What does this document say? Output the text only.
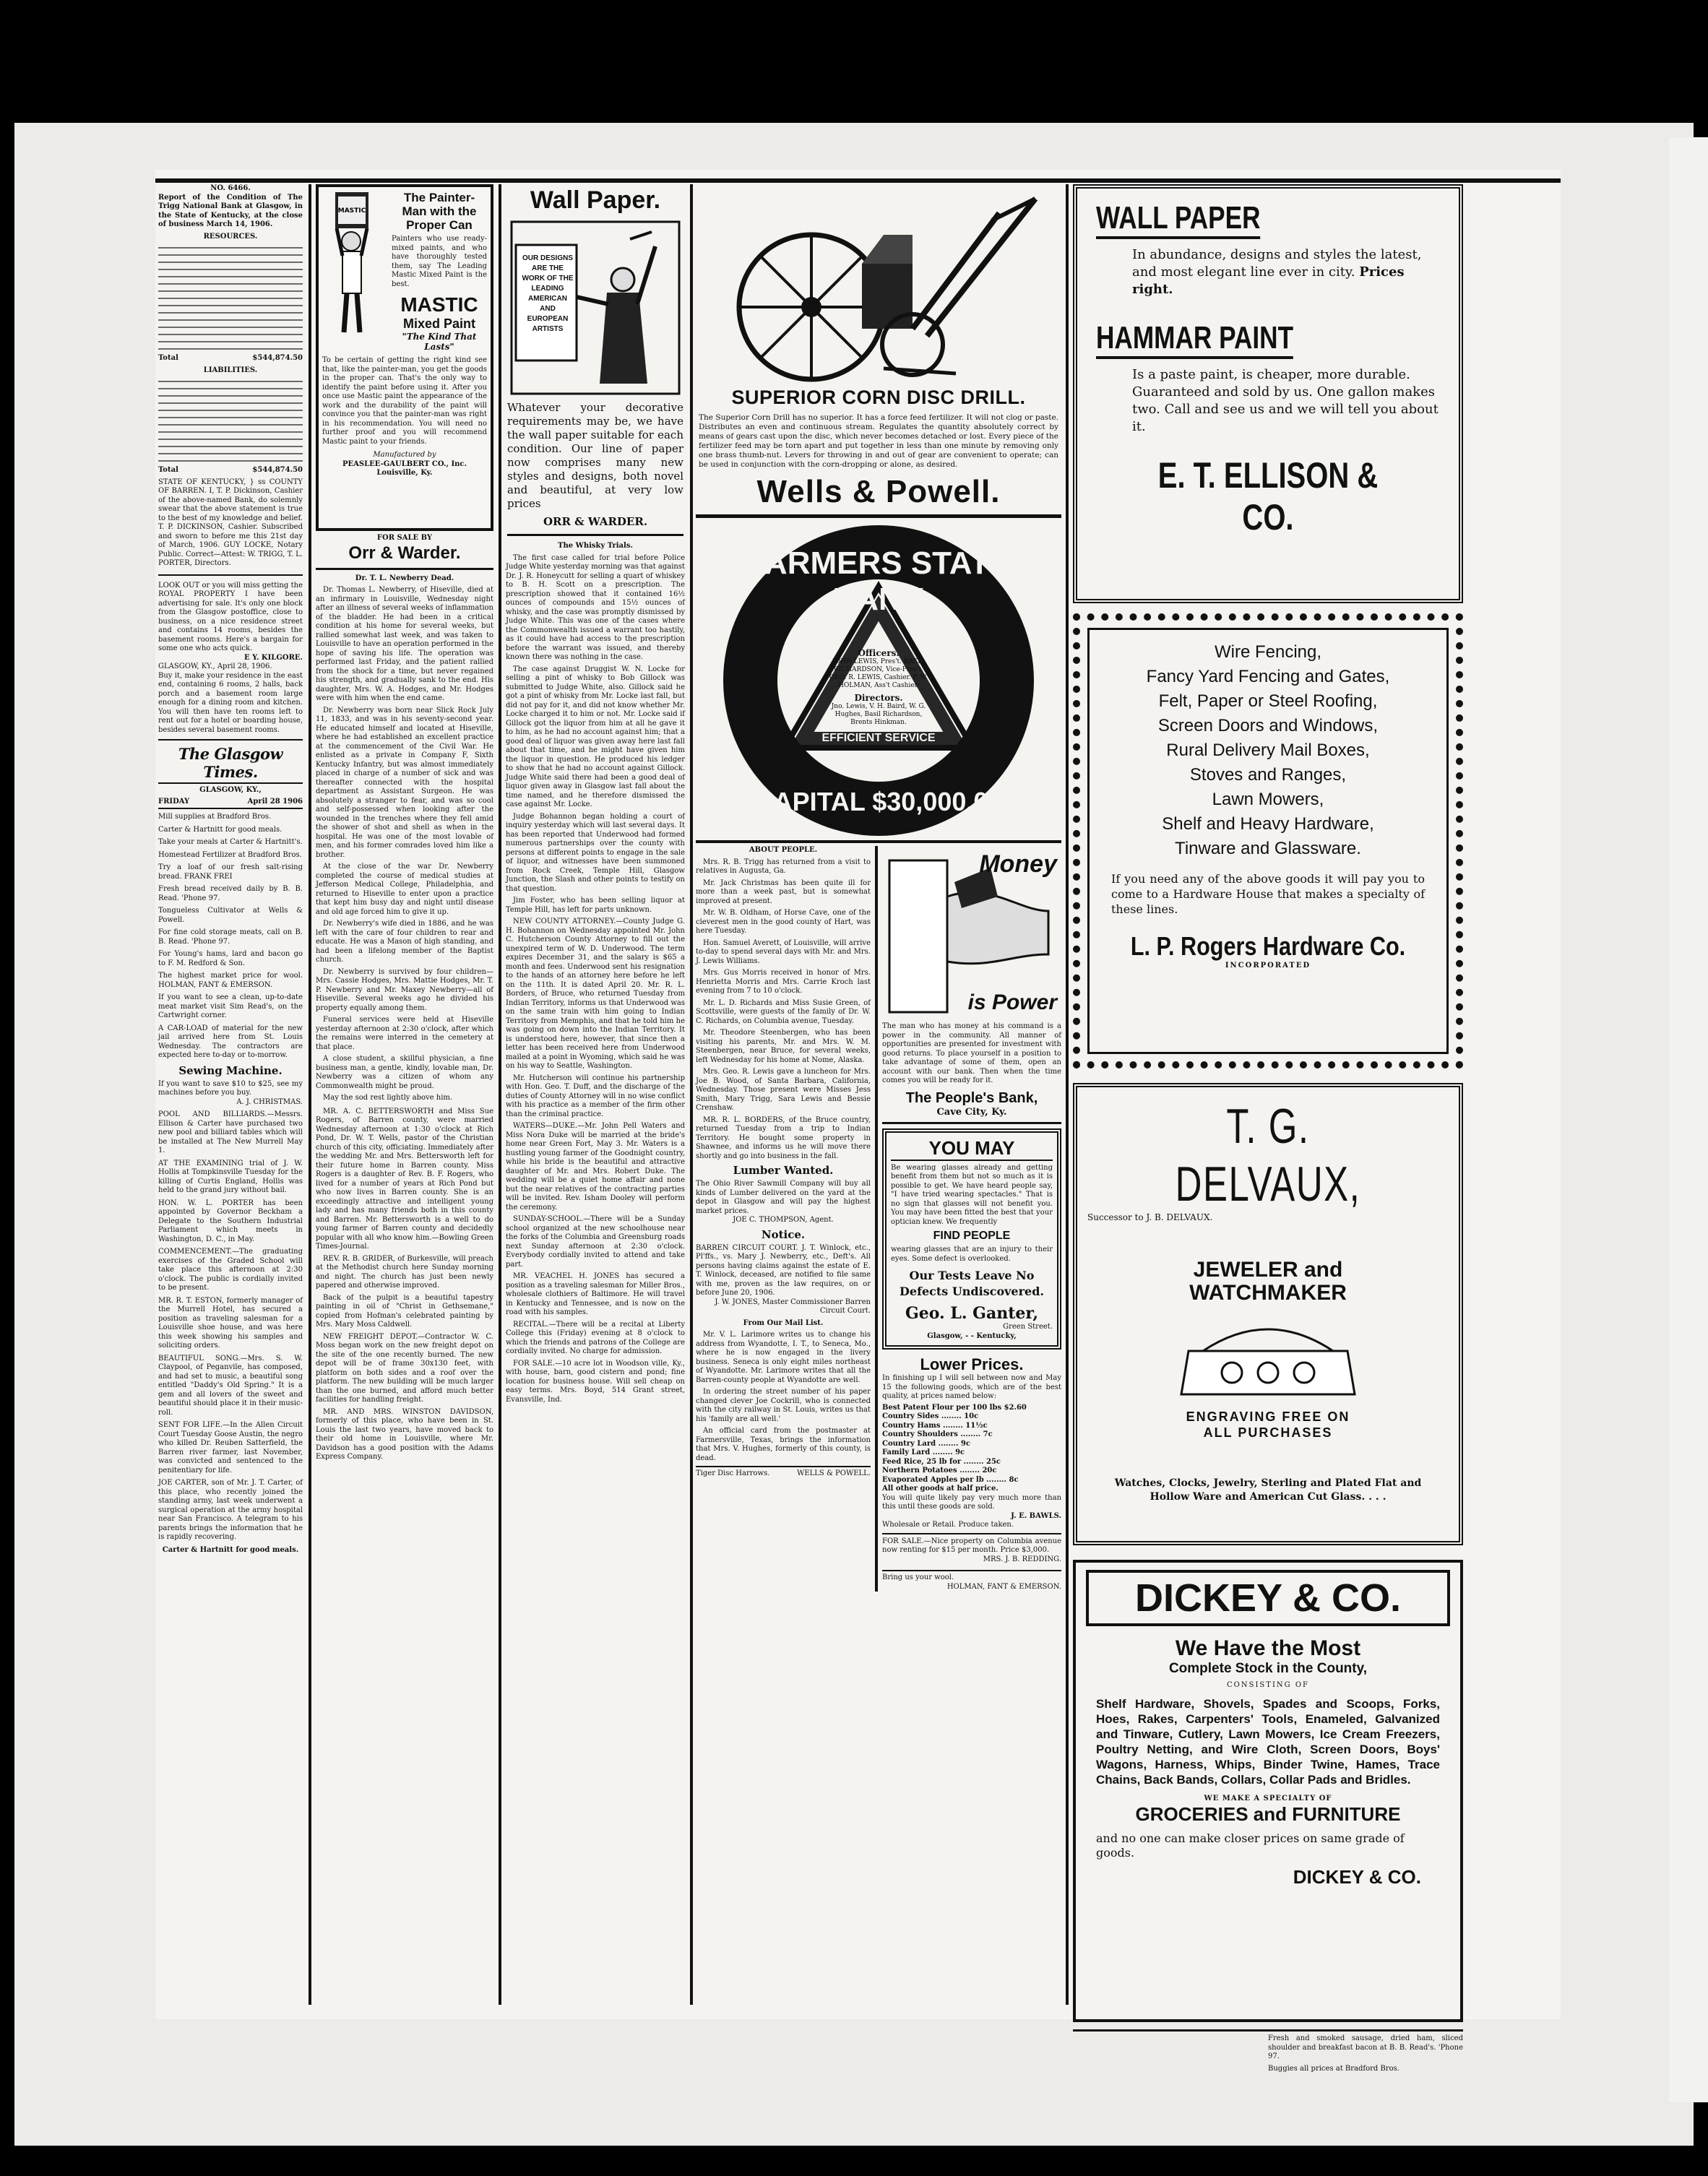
NO. 6466.
Report of the Condition of The Trigg National Bank at Glasgow, in the State of Kentucky, at the close of business March 14, 1906.
RESOURCES.
Total	$544,874.50
LIABILITIES.
Total	$544,874.50
STATE OF KENTUCKY, } ss COUNTY OF BARREN. I, T. P. Dickinson, Cashier of the above-named Bank, do solemnly swear that the above statement is true to the best of my knowledge and belief. T. P. DICKINSON, Cashier. Subscribed and sworn to before me this 21st day of March, 1906. GUY LOCKE, Notary Public. Correct—Attest: W. TRIGG, T. L. PORTER, Directors.
LOOK OUT or you will miss getting the ROYAL PROPERTY I have been advertising for sale. It's only one block from the Glasgow postoffice, close to business, on a nice residence street and contains 14 rooms, besides the basement rooms. Here's a bargain for some one who acts quick.
E Y. KILGORE.
GLASGOW, KY., April 28, 1906.
Buy it, make your residence in the east end, containing 6 rooms, 2 halls, back porch and a basement room large enough for a dining room and kitchen. You will then have ten rooms left to rent out for a hotel or boarding house, besides several basement rooms.
The Glasgow Times.
GLASGOW, KY.,
FRIDAY	April 28 1906
Mill supplies at Bradford Bros.
Carter & Hartnitt for good meals.
Take your meals at Carter & Hartnitt's.
Homestead Fertilizer at Bradford Bros.
Try a loaf of our fresh salt-rising bread. FRANK FREI
Fresh bread received daily by B. B. Read. 'Phone 97.
Tongueless Cultivator at Wells & Powell.
For fine cold storage meats, call on B. B. Read. 'Phone 97.
For Young's hams, lard and bacon go to F. M. Redford & Son.
The highest market price for wool. HOLMAN, FANT & EMERSON.
If you want to see a clean, up-to-date meat market visit Sim Read's, on the Cartwright corner.
A CAR-LOAD of material for the new jail arrived here from St. Louis Wednesday. The contractors are expected here to-day or to-morrow.
Sewing Machine.
If you want to save $10 to $25, see my machines before you buy.
A. J. CHRISTMAS.
POOL AND BILLIARDS.—Messrs. Ellison & Carter have purchased two new pool and billiard tables which will be installed at The New Murrell May 1.
AT THE EXAMINING trial of J. W. Hollis at Tompkinsville Tuesday for the killing of Curtis England, Hollis was held to the grand jury without bail.
HON. W. L. PORTER has been appointed by Governor Beckham a Delegate to the Southern Industrial Parliament which meets in Washington, D. C., in May.
COMMENCEMENT.—The graduating exercises of the Graded School will take place this afternoon at 2:30 o'clock. The public is cordially invited to be present.
MR. R. T. ESTON, formerly manager of the Murrell Hotel, has secured a position as traveling salesman for a Louisville shoe house, and was here this week showing his samples and soliciting orders.
BEAUTIFUL SONG.—Mrs. S. W. Claypool, of Peganvile, has composed, and had set to music, a beautiful song entitled "Daddy's Old Spring." It is a gem and all lovers of the sweet and beautiful should place it in their music-roll.
SENT FOR LIFE.—In the Allen Circuit Court Tuesday Goose Austin, the negro who killed Dr. Reuben Satterfield, the Barren river farmer, last November, was convicted and sentenced to the penitentiary for life.
JOE CARTER, son of Mr. J. T. Carter, of this place, who recently joined the standing army, last week underwent a surgical operation at the army hospital near San Francisco. A telegram to his parents brings the information that he is rapidly recovering.
Carter & Hartnitt for good meals.
MASTIC
The Painter-Man with the Proper Can
Painters who use ready-mixed paints, and who have thoroughly tested them, say The Leading Mastic Mixed Paint is the best.
MASTIC
Mixed Paint
"The Kind That Lasts"
To be certain of getting the right kind see that, like the painter-man, you get the goods in the proper can. That's the only way to identify the paint before using it. After you once use Mastic paint the appearance of the work and the durability of the paint will convince you that the painter-man was right in his recommendation. You will need no further proof and you will recommend Mastic paint to your friends.
Manufactured by
PEASLEE-GAULBERT CO., Inc.
Louisville, Ky.
FOR SALE BY
Orr & Warder.
Dr. T. L. Newberry Dead.
Dr. Thomas L. Newberry, of Hiseville, died at an infirmary in Louisville, Wednesday night after an illness of several weeks of inflammation of the bladder. He had been in a critical condition at his home for several weeks, but rallied somewhat last week, and was taken to Louisville to have an operation performed in the hope of saving his life. The operation was performed last Friday, and the patient rallied from the shock for a time, but never regained his strength, and gradually sank to the end. His daughter, Mrs. W. A. Hodges, and Mr. Hodges were with him when the end came.
Dr. Newberry was born near Slick Rock July 11, 1833, and was in his seventy-second year. He educated himself and located at Hiseville, where he had established an excellent practice at the commencement of the Civil War. He enlisted as a private in Company F, Sixth Kentucky Infantry, but was almost immediately placed in charge of a number of sick and was thereafter connected with the hospital department as Assistant Surgeon. He was absolutely a stranger to fear, and was so cool and self-possessed when looking after the wounded in the trenches where they fell amid the shower of shot and shell as when in the hospital. He was one of the most lovable of men, and his former comrades loved him like a brother.
At the close of the war Dr. Newberry completed the course of medical studies at Jefferson Medical College, Philadelphia, and returned to Hiseville to enter upon a practice that kept him busy day and night until disease and old age forced him to give it up.
Dr. Newberry's wife died in 1886, and he was left with the care of four children to rear and educate. He was a Mason of high standing, and had been a lifelong member of the Baptist church.
Dr. Newberry is survived by four children—Mrs. Cassie Hodges, Mrs. Mattie Hodges, Mr. T. P. Newberry and Mr. Maxey Newberry—all of Hiseville. Several weeks ago he divided his property equally among them.
Funeral services were held at Hiseville yesterday afternoon at 2:30 o'clock, after which the remains were interred in the cemetery at that place.
A close student, a skillful physician, a fine business man, a gentle, kindly, lovable man, Dr. Newberry was a citizen of whom any Commonwealth might be proud.
May the sod rest lightly above him.
MR. A. C. BETTERSWORTH and Miss Sue Rogers, of Barren county, were married Wednesday afternoon at 1:30 o'clock at Rich Pond, Dr. W. T. Wells, pastor of the Christian church of this city, officiating. Immediately after the wedding Mr. and Mrs. Bettersworth left for their future home in Barren county. Miss Rogers is a daughter of Rev. B. F. Rogers, who lived for a number of years at Rich Pond but who now lives in Barren county. She is an exceedingly attractive and intelligent young lady and has many friends both in this county and Barren. Mr. Bettersworth is a well to do young farmer of Barren county and decidedly popular with all who know him.—Bowling Green Times-Journal.
REV. R. B. GRIDER, of Burkesville, will preach at the Methodist church here Sunday morning and night. The church has just been newly papered and otherwise improved.
Back of the pulpit is a beautiful tapestry painting in oil of "Christ in Gethsemane," copied from Hofman's celebrated painting by Mrs. Mary Moss Caldwell.
NEW FREIGHT DEPOT.—Contractor W. C. Moss began work on the new freight depot on the site of the one recently burned. The new depot will be of frame 30x130 feet, with platform on both sides and a roof over the platform. The new building will be much larger than the one burned, and afford much better facilities for handling freight.
MR. AND MRS. WINSTON DAVIDSON, formerly of this place, who have been in St. Louis the last two years, have moved back to their old home in Louisville, where Mr. Davidson has a good position with the Adams Express Company.
Wall Paper.
OUR DESIGNS ARE THE WORK OF THE LEADING AMERICAN AND EUROPEAN ARTISTS
Whatever your decorative requirements may be, we have the wall paper suitable for each condition. Our line of paper now comprises many new styles and designs, both novel and beautiful, at very low prices
ORR & WARDER.
The Whisky Trials.
The first case called for trial before Police Judge White yesterday morning was that against Dr. J. R. Honeycutt for selling a quart of whiskey to B. H. Scott on a prescription. The prescription showed that it contained 16½ ounces of compounds and 15½ ounces of whisky, and the case was promptly dismissed by Judge White. This was one of the cases where the Commonwealth issued a warrant too hastily, as it could have had access to the prescription before the warrant was issued, and thereby known there was nothing in the case.
The case against Druggist W. N. Locke for selling a pint of whisky to Bob Gillock was submitted to Judge White, also. Gillock said he got a pint of whisky from Mr. Locke last fall, but did not pay for it, and did not know whether Mr. Locke charged it to him or not. Mr. Locke said if Gillock got the liquor from him at all he gave it to him, as he had no account against him; that a good deal of liquor was given away here last fall about that time, and he might have given him the liquor in question. He produced his ledger to show that he had no account against Gillock. Judge White said there had been a good deal of liquor given away in Glasgow last fall about the time named, and he therefore dismissed the case against Mr. Locke.
Judge Bohannon began holding a court of inquiry yesterday which will last several days. It has been reported that Underwood had formed numerous partnerships over the county with persons at different points to engage in the sale of liquor, and witnesses have been summoned from Rock Creek, Temple Hill, Glasgow Junction, the Slash and other points to testify on that question.
Jim Foster, who has been selling liquor at Temple Hill, has left for parts unknown.
NEW COUNTY ATTORNEY.—County Judge G. H. Bohannon on Wednesday appointed Mr. John C. Hutcherson County Attorney to fill out the unexpired term of W. D. Underwood. The term expires December 31, and the salary is $65 a month and fees. Underwood sent his resignation to the hands of an attorney here before he left on the 11th. It is dated April 20. Mr. R. L. Borders, of Bruce, who returned Tuesday from Indian Territory, informs us that Underwood was on the same train with him going to Indian Territory from Memphis, and that he told him he was going on down into the Indian Territory. It is understood here, however, that since then a letter has been received here from Underwood mailed at a point in Wyoming, which said he was on his way to Seattle, Washington.
Mr. Hutcherson will continue his partnership with Hon. Geo. T. Duff, and the discharge of the duties of County Attorney will in no wise conflict with his practice as a member of the firm other than the criminal practice.
WATERS—DUKE.—Mr. John Pell Waters and Miss Nora Duke will be married at the bride's home near Green Fort, May 3. Mr. Waters is a hustling young farmer of the Goodnight country, while his bride is the beautiful and attractive daughter of Mr. and Mrs. Robert Duke. The wedding will be a quiet home affair and none but the near relatives of the contracting parties will be invited. Rev. Isham Dooley will perform the ceremony.
SUNDAY-SCHOOL.—There will be a Sunday school organized at the new schoolhouse near the forks of the Columbia and Greensburg roads next Sunday afternoon at 2:30 o'clock. Everybody cordially invited to attend and take part.
MR. VEACHEL H. JONES has secured a position as a traveling salesman for Miller Bros., wholesale clothiers of Baltimore. He will travel in Kentucky and Tennessee, and is now on the road with his samples.
RECITAL.—There will be a recital at Liberty College this (Friday) evening at 8 o'clock to which the friends and patrons of the College are cordially invited. No charge for admission.
FOR SALE.—10 acre lot in Woodson ville, Ky., with house, barn, good cistern and pond; fine location for business house. Will sell cheap on easy terms. Mrs. Boyd, 514 Grant street, Evansville, Ind.
SUPERIOR CORN DISC DRILL.
The Superior Corn Drill has no superior. It has a force feed fertilizer. It will not clog or paste. Distributes an even and continuous stream. Regulates the quantity absolutely correct by means of gears cast upon the disc, which never becomes detached or lost. Every piece of the fertilizer feed may be torn apart and put together in less than one minute by removing only one brass thumb-nut. Levers for throwing in and out of gear are convenient to operate; can be used in conjunction with the corn-dropping or alone, as desired.
Wells & Powell.
FARMERS STATE BANK
CAPITAL $30,000.00
SECURITY	RESPONSIBILITY
EFFICIENT SERVICE
Officers.
JOHN LEWIS, Pres't. BASIL RICHARDSON, Vice-Pres't. GEO. R. LEWIS, Cashier. P. W. HOLMAN, Ass't Cashier.
Directors.
Jno. Lewis, V. H. Baird, W. G. Hughes, Basil Richardson, Brents Hinkman.
ABOUT PEOPLE.
Mrs. R. B. Trigg has returned from a visit to relatives in Augusta, Ga.
Mr. Jack Christmas has been quite ill for more than a week past, but is somewhat improved at present.
Mr. W. B. Oldham, of Horse Cave, one of the cleverest men in the good county of Hart, was here Tuesday.
Hon. Samuel Averett, of Louisville, will arrive to-day to spend several days with Mr. and Mrs. J. Lewis Williams.
Mrs. Gus Morris received in honor of Mrs. Henrietta Morris and Mrs. Carrie Kroch last evening from 7 to 10 o'clock.
Mr. L. D. Richards and Miss Susie Green, of Scottsville, were guests of the family of Dr. W. C. Richards, on Columbia avenue, Tuesday.
Mr. Theodore Steenbergen, who has been visiting his parents, Mr. and Mrs. W. M. Steenbergen, near Bruce, for several weeks, left Wednesday for his home at Nome, Alaska.
Mrs. Geo. R. Lewis gave a luncheon for Mrs. Joe B. Wood, of Santa Barbara, California, Wednesday. Those present were Misses Jess Smith, Mary Trigg, Sara Lewis and Bessie Crenshaw.
MR. R. L. BORDERS, of the Bruce country, returned Tuesday from a trip to Indian Territory. He bought some property in Shawnee, and informs us he will move there shortly and go into business in the fall.
Lumber Wanted.
The Ohio River Sawmill Company will buy all kinds of Lumber delivered on the yard at the depot in Glasgow and will pay the highest market prices.
JOE C. THOMPSON, Agent.
Notice.
BARREN CIRCUIT COURT. J. T. Winlock, etc., Pl'ffs., vs. Mary J. Newberry, etc., Deft's. All persons having claims against the estate of E. T. Winlock, deceased, are notified to file same with me, proven as the law requires, on or before June 20, 1906.
J. W. JONES, Master Commissioner Barren Circuit Court.
From Our Mail List.
Mr. V. L. Larimore writes us to change his address from Wyandotte, I. T., to Seneca, Mo., where he is now engaged in the livery business. Seneca is only eight miles northeast of Wyandotte. Mr. Larimore writes that all the Barren-county people at Wyandotte are well.
In ordering the street number of his paper changed clever Joe Cockrill, who is connected with the city railway in St. Louis, writes us that his 'family are all well.'
An official card from the postmaster at Farmersville, Texas, brings the information that Mrs. V. Hughes, formerly of this county, is dead.
Tiger Disc Harrows.	WELLS & POWELL.
Money
is Power
The man who has money at his command is a power in the community. All manner of opportunities are presented for investment with good returns. To place yourself in a position to take advantage of some of them, open an account with our bank. Then when the time comes you will be ready for it.
The People's Bank,
Cave City, Ky.
YOU MAY
Be wearing glasses already and getting benefit from them but not so much as it is possible to get. We have heard people say, "I have tried wearing spectacles." That is no sign that glasses will not benefit you. You may have been fitted the best that your optician knew. We frequently
FIND PEOPLE
wearing glasses that are an injury to their eyes. Some defect is overlooked.
Our Tests Leave No Defects Undiscovered.
Geo. L. Ganter,
Green Street.
Glasgow, - - Kentucky,
Lower Prices.
In finishing up I will sell between now and May 15 the following goods, which are of the best quality, at prices named below:
Best Patent Flour per 100 lbs $2.60
Country Sides ........ 10c
Country Hams ........ 11½c
Country Shoulders ........ 7c
Country Lard ........ 9c
Family Lard ........ 9c
Feed Rice, 25 lb for ........ 25c
Northern Potatoes ........ 20c
Evaporated Apples per lb ........ 8c
All other goods at half price.
You will quite likely pay very much more than this until these goods are sold.
J. E. BAWLS.
Wholesale or Retail. Produce taken.
FOR SALE.—Nice property on Columbia avenue now renting for $15 per month. Price $3,000.
MRS. J. B. REDDING.
Bring us your wool.
HOLMAN, FANT & EMERSON.
WALL PAPER
In abundance, designs and styles the latest, and most elegant line ever in city. Prices right.
HAMMAR PAINT
Is a paste paint, is cheaper, more durable. Guaranteed and sold by us. One gallon makes two. Call and see us and we will tell you about it.
E. T. ELLISON & CO.
Wire Fencing,
Fancy Yard Fencing and Gates,
Felt, Paper or Steel Roofing,
Screen Doors and Windows,
Rural Delivery Mail Boxes,
Stoves and Ranges,
Lawn Mowers,
Shelf and Heavy Hardware,
Tinware and Glassware.
If you need any of the above goods it will pay you to come to a Hardware House that makes a specialty of these lines.
L. P. Rogers Hardware Co.
INCORPORATED
T. G. DELVAUX,
Successor to J. B. DELVAUX.
JEWELER and WATCHMAKER
ENGRAVING FREE ON ALL PURCHASES
Watches, Clocks, Jewelry, Sterling and Plated Flat and Hollow Ware and American Cut Glass. . . .
DICKEY & CO.
We Have the Most
Complete Stock in the County,
CONSISTING OF
Shelf Hardware, Shovels, Spades and Scoops, Forks, Hoes, Rakes, Carpenters' Tools, Enameled, Galvanized and Tinware, Cutlery, Lawn Mowers, Ice Cream Freezers, Poultry Netting, and Wire Cloth, Screen Doors, Boys' Wagons, Harness, Whips, Binder Twine, Hames, Trace Chains, Back Bands, Collars, Collar Pads and Bridles.
WE MAKE A SPECIALTY OF
GROCERIES and FURNITURE
and no one can make closer prices on same grade of goods.
DICKEY & CO.
Fresh and smoked sausage, dried ham, sliced shoulder and breakfast bacon at B. B. Read's. 'Phone 97.
Buggies all prices at Bradford Bros.
